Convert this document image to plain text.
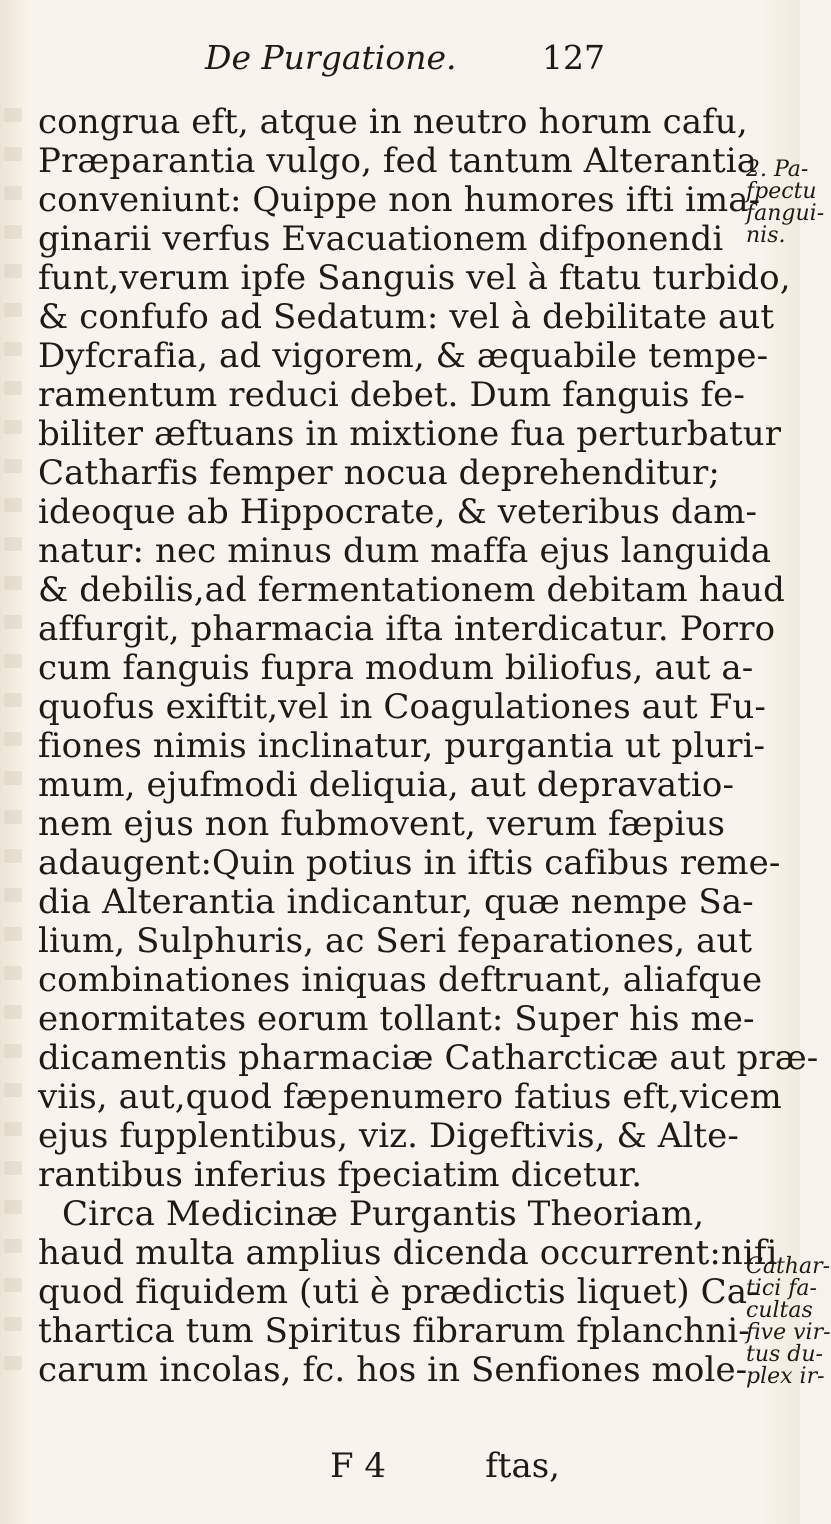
De Purgatione.	127
congrua eft, atque in neutro horum cafu,
Præparantia vulgo, fed tantum Alterantia
conveniunt: Quippe non humores ifti ima-
ginarii verfus Evacuationem difponendi
funt,verum ipfe Sanguis vel à ftatu turbido,
& confufo ad Sedatum: vel à debilitate aut
Dyfcrafia, ad vigorem, & æquabile tempe-
ramentum reduci debet. Dum fanguis fe-
biliter æftuans in mixtione fua perturbatur
Catharfis femper nocua deprehenditur;
ideoque ab Hippocrate, & veteribus dam-
natur: nec minus dum maffa ejus languida
& debilis,ad fermentationem debitam haud
affurgit, pharmacia ifta interdicatur. Porro
cum fanguis fupra modum biliofus, aut a-
quofus exiftit,vel in Coagulationes aut Fu-
fiones nimis inclinatur, purgantia ut pluri-
mum, ejufmodi deliquia, aut depravatio-
nem ejus non fubmovent, verum fæpius
adaugent:Quin potius in iftis cafibus reme-
dia Alterantia indicantur, quæ nempe Sa-
lium, Sulphuris, ac Seri feparationes, aut
combinationes iniquas deftruant, aliafque
enormitates eorum tollant: Super his me-
dicamentis pharmaciæ Catharcticæ aut præ-
viis, aut,quod fæpenumero fatius eft,vicem
ejus fupplentibus, viz. Digeftivis, & Alte-
rantibus inferius fpeciatim dicetur.
Circa Medicinæ Purgantis Theoriam,
haud multa amplius dicenda occurrent:nifi
quod fiquidem (uti è prædictis liquet) Ca-
thartica tum Spiritus fibrarum fplanchni-
carum incolas, fc. hos in Senfiones mole-
2. Pa-
fpectu
fangui-
nis.
Cathar-
tici fa-
cultas
five vir-
tus du-
plex ir-
F 4	ftas,
